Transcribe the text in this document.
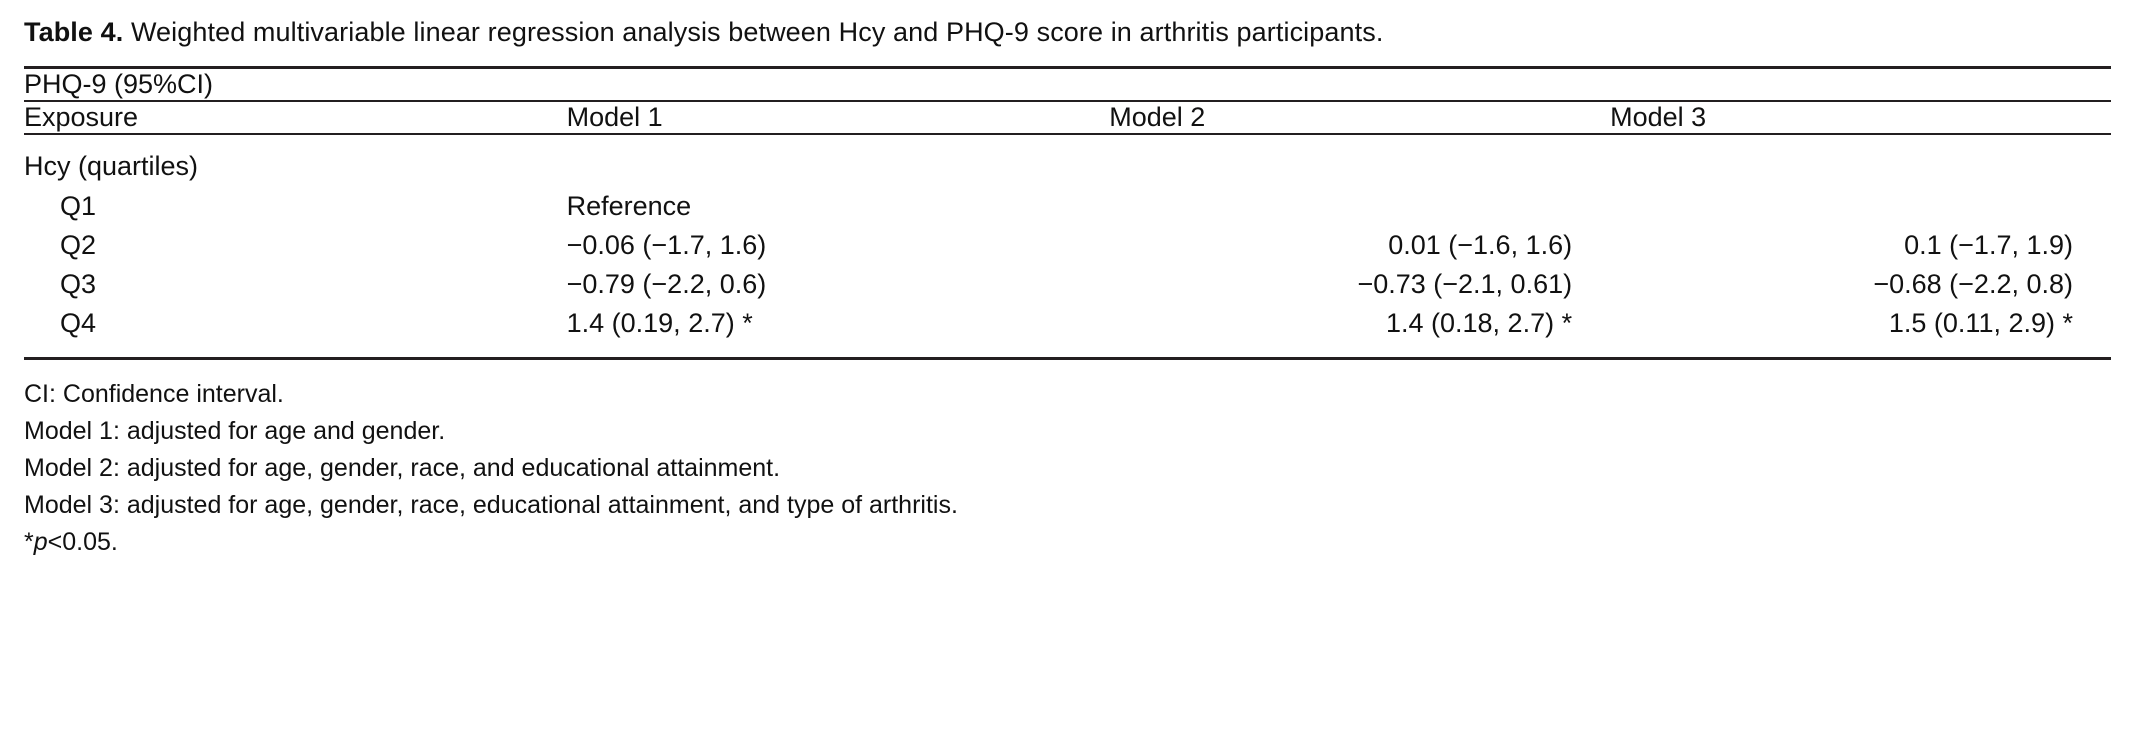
Table 4. Weighted multivariable linear regression analysis between Hcy and PHQ-9 score in arthritis participants.

PHQ-9 (95%CI)
Exposure	Model 1	Model 2	Model 3
Hcy (quartiles)			
Q1	Reference		
Q2	−0.06 (−1.7, 1.6)	0.01 (−1.6, 1.6)	0.1 (−1.7, 1.9)
Q3	−0.79 (−2.2, 0.6)	−0.73 (−2.1, 0.61)	−0.68 (−2.2, 0.8)
Q4	1.4 (0.19, 2.7) *	1.4 (0.18, 2.7) *	1.5 (0.11, 2.9) *
CI: Confidence interval.
Model 1: adjusted for age and gender.
Model 2: adjusted for age, gender, race, and educational attainment.
Model 3: adjusted for age, gender, race, educational attainment, and type of arthritis.
*p<0.05.
